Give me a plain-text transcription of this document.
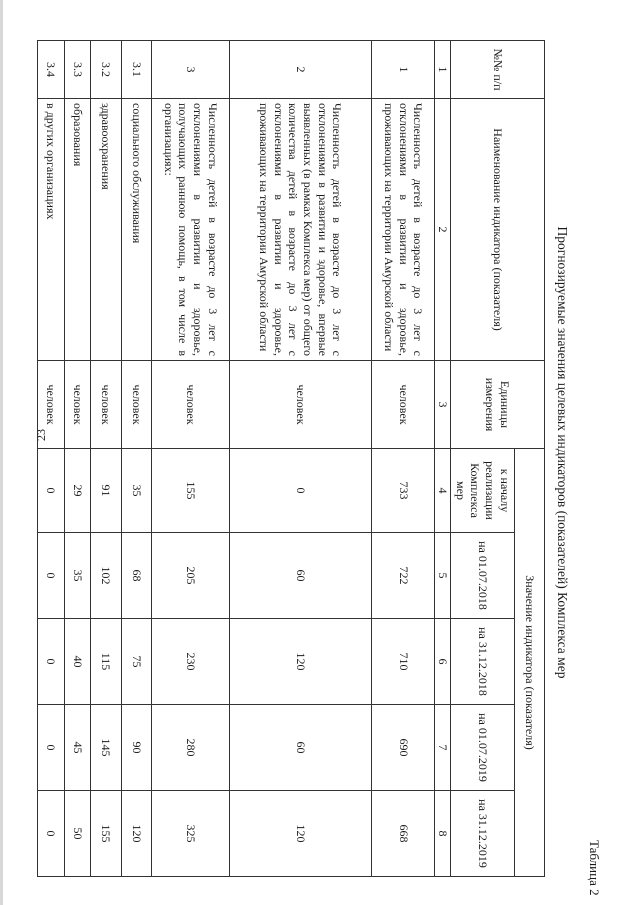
23
Таблица 2
Прогнозируемые значения целевых индикаторов (показателей) Комплекса мер
№№ п/п	Наименование индикатора (показателя)	Единицы измерения	Значение индикатора (показателя)				
			к началу реализации Комплекса мер	на 01.07.2018	на 31.12.2018	на 01.07.2019	на 31.12.2019
1	2	3	4	5	6	7	8
1	Численность детей в возрасте до 3 лет с отклонениями в развитии и здоровье, проживающих на территории Амурской области	человек	733	722	710	690	668
2	Численность детей в возрасте до 3 лет с отклонениями в развитии и здоровье, впервые выявленных (в рамках Комплекса мер) от общего количества детей в возрасте до 3 лет с отклонениями в развитии и здоровье, проживающих на территории Амурской области	человек	0	60	120	60	120
3	Численность детей в возрасте до 3 лет с отклонениями в развитии и здоровье, получающих раннюю помощь, в том числе в организациях:	человек	155	205	230	280	325
3.1	социального обслуживания	человек	35	68	75	90	120
3.2	здравоохранения	человек	91	102	115	145	155
3.3	образования	человек	29	35	40	45	50
3.4	в других организациях	человек	0	0	0	0	0
